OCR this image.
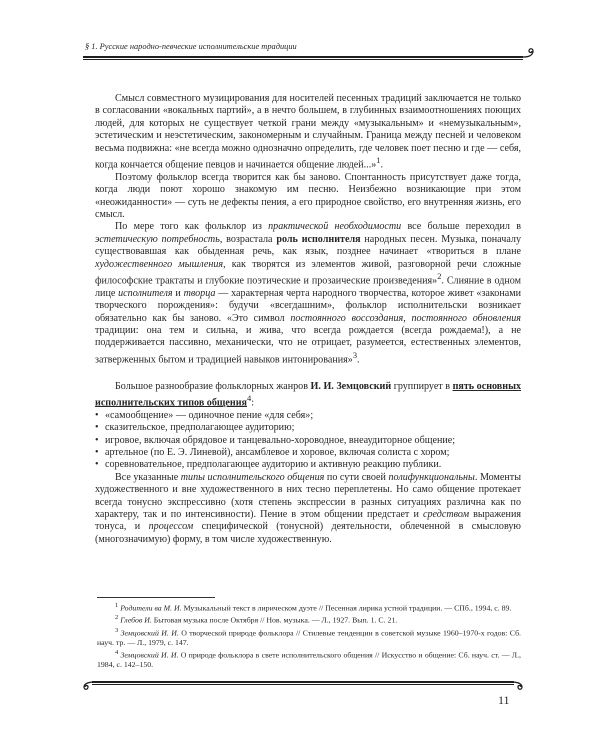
§ 1. Русские народно-певческие исполнительские традиции

Смысл совместного музицирования для носителей песенных традиций заключается не только в согласовании «вокальных партий», а в нечто большем, в глубинных взаимоотношениях поющих людей, для которых не существует четкой грани между «музыкальным» и «немузыкальным», эстетическим и неэстетическим, закономерным и случайным. Граница между песней и человеком весьма подвижна: «не всегда можно однозначно определить, где человек поет песню и где — себя, когда кончается общение певцов и начинается общение людей...»$^1$.

Поэтому фольклор всегда творится как бы заново. Спонтанность присутствует даже тогда, когда люди поют хорошо знакомую им песню. Неизбежно возникающие при этом «неожиданности» — суть не дефекты пения, а его природное свойство, его внутренняя жизнь, его смысл.

По мере того как фольклор из практической необходимости все больше переходил в эстетическую потребность, возрастала роль исполнителя народных песен. Музыка, поначалу существовавшая как обыденная речь, как язык, позднее начинает «твориться в плане художественного мышления, как творятся из элементов живой, разговорной речи сложные философские трактаты и глубокие поэтические и прозаические произведения»$^2$. Слияние в одном лице исполнителя и творца — характерная черта народного творчества, которое живет «законами творческого порождения»: будучи «всегдашним», фольклор исполнительски возникает обязательно как бы заново. «Это символ постоянного воссоздания, постоянного обновления традиции: она тем и сильна, и жива, что всегда рождается (всегда рождаема!), а не поддерживается пассивно, механически, что не отрицает, разумеется, естественных элементов, затверженных бытом и традицией навыков интонирования»$^3$.

Большое разнообразие фольклорных жанров И. И. Земцовский группирует в пять основных исполнительских типов общения$^4$:

• «самообщение» — одиночное пение «для себя»;
• сказительское, предполагающее аудиторию;
• игровое, включая обрядовое и танцевально-хороводное, внеаудиторное общение;
• артельное (по Е. Э. Линевой), ансамблевое и хоровое, включая солиста с хором;
• соревновательное, предполагающее аудиторию и активную реакцию публики.

Все указанные типы исполнительского общения по сути своей полифункциональны. Моменты художественного и вне художественного в них тесно переплетены. Но само общение протекает всегда тонусно экспрессивно (хотя степень экспрессии в разных ситуациях различна как по характеру, так и по интенсивности). Пение в этом общении предстает и средством выражения тонуса, и процессом специфической (тонусной) деятельности, облеченной в смысловую (многозначимую) форму, в том числе художественную.

$^1$ Родители ва М. И. Музыкальный текст в лирическом дуэте // Песенная лирика устной традиции. — СПб., 1994, с. 89.

$^2$ Глебов И. Бытовая музыка после Октября // Нов. музыка. — Л., 1927. Вып. 1. С. 21.

$^3$ Земцовский И. И. О творческой природе фольклора // Стилевые тенденции в советской музыке 1960–1970-х годов: Сб. науч. тр. — Л., 1979, с. 147.

$^4$ Земцовский И. И. О природе фольклора в свете исполнительского общения // Искусство и общение: Сб. науч. ст. — Л., 1984, с. 142–150.

11
